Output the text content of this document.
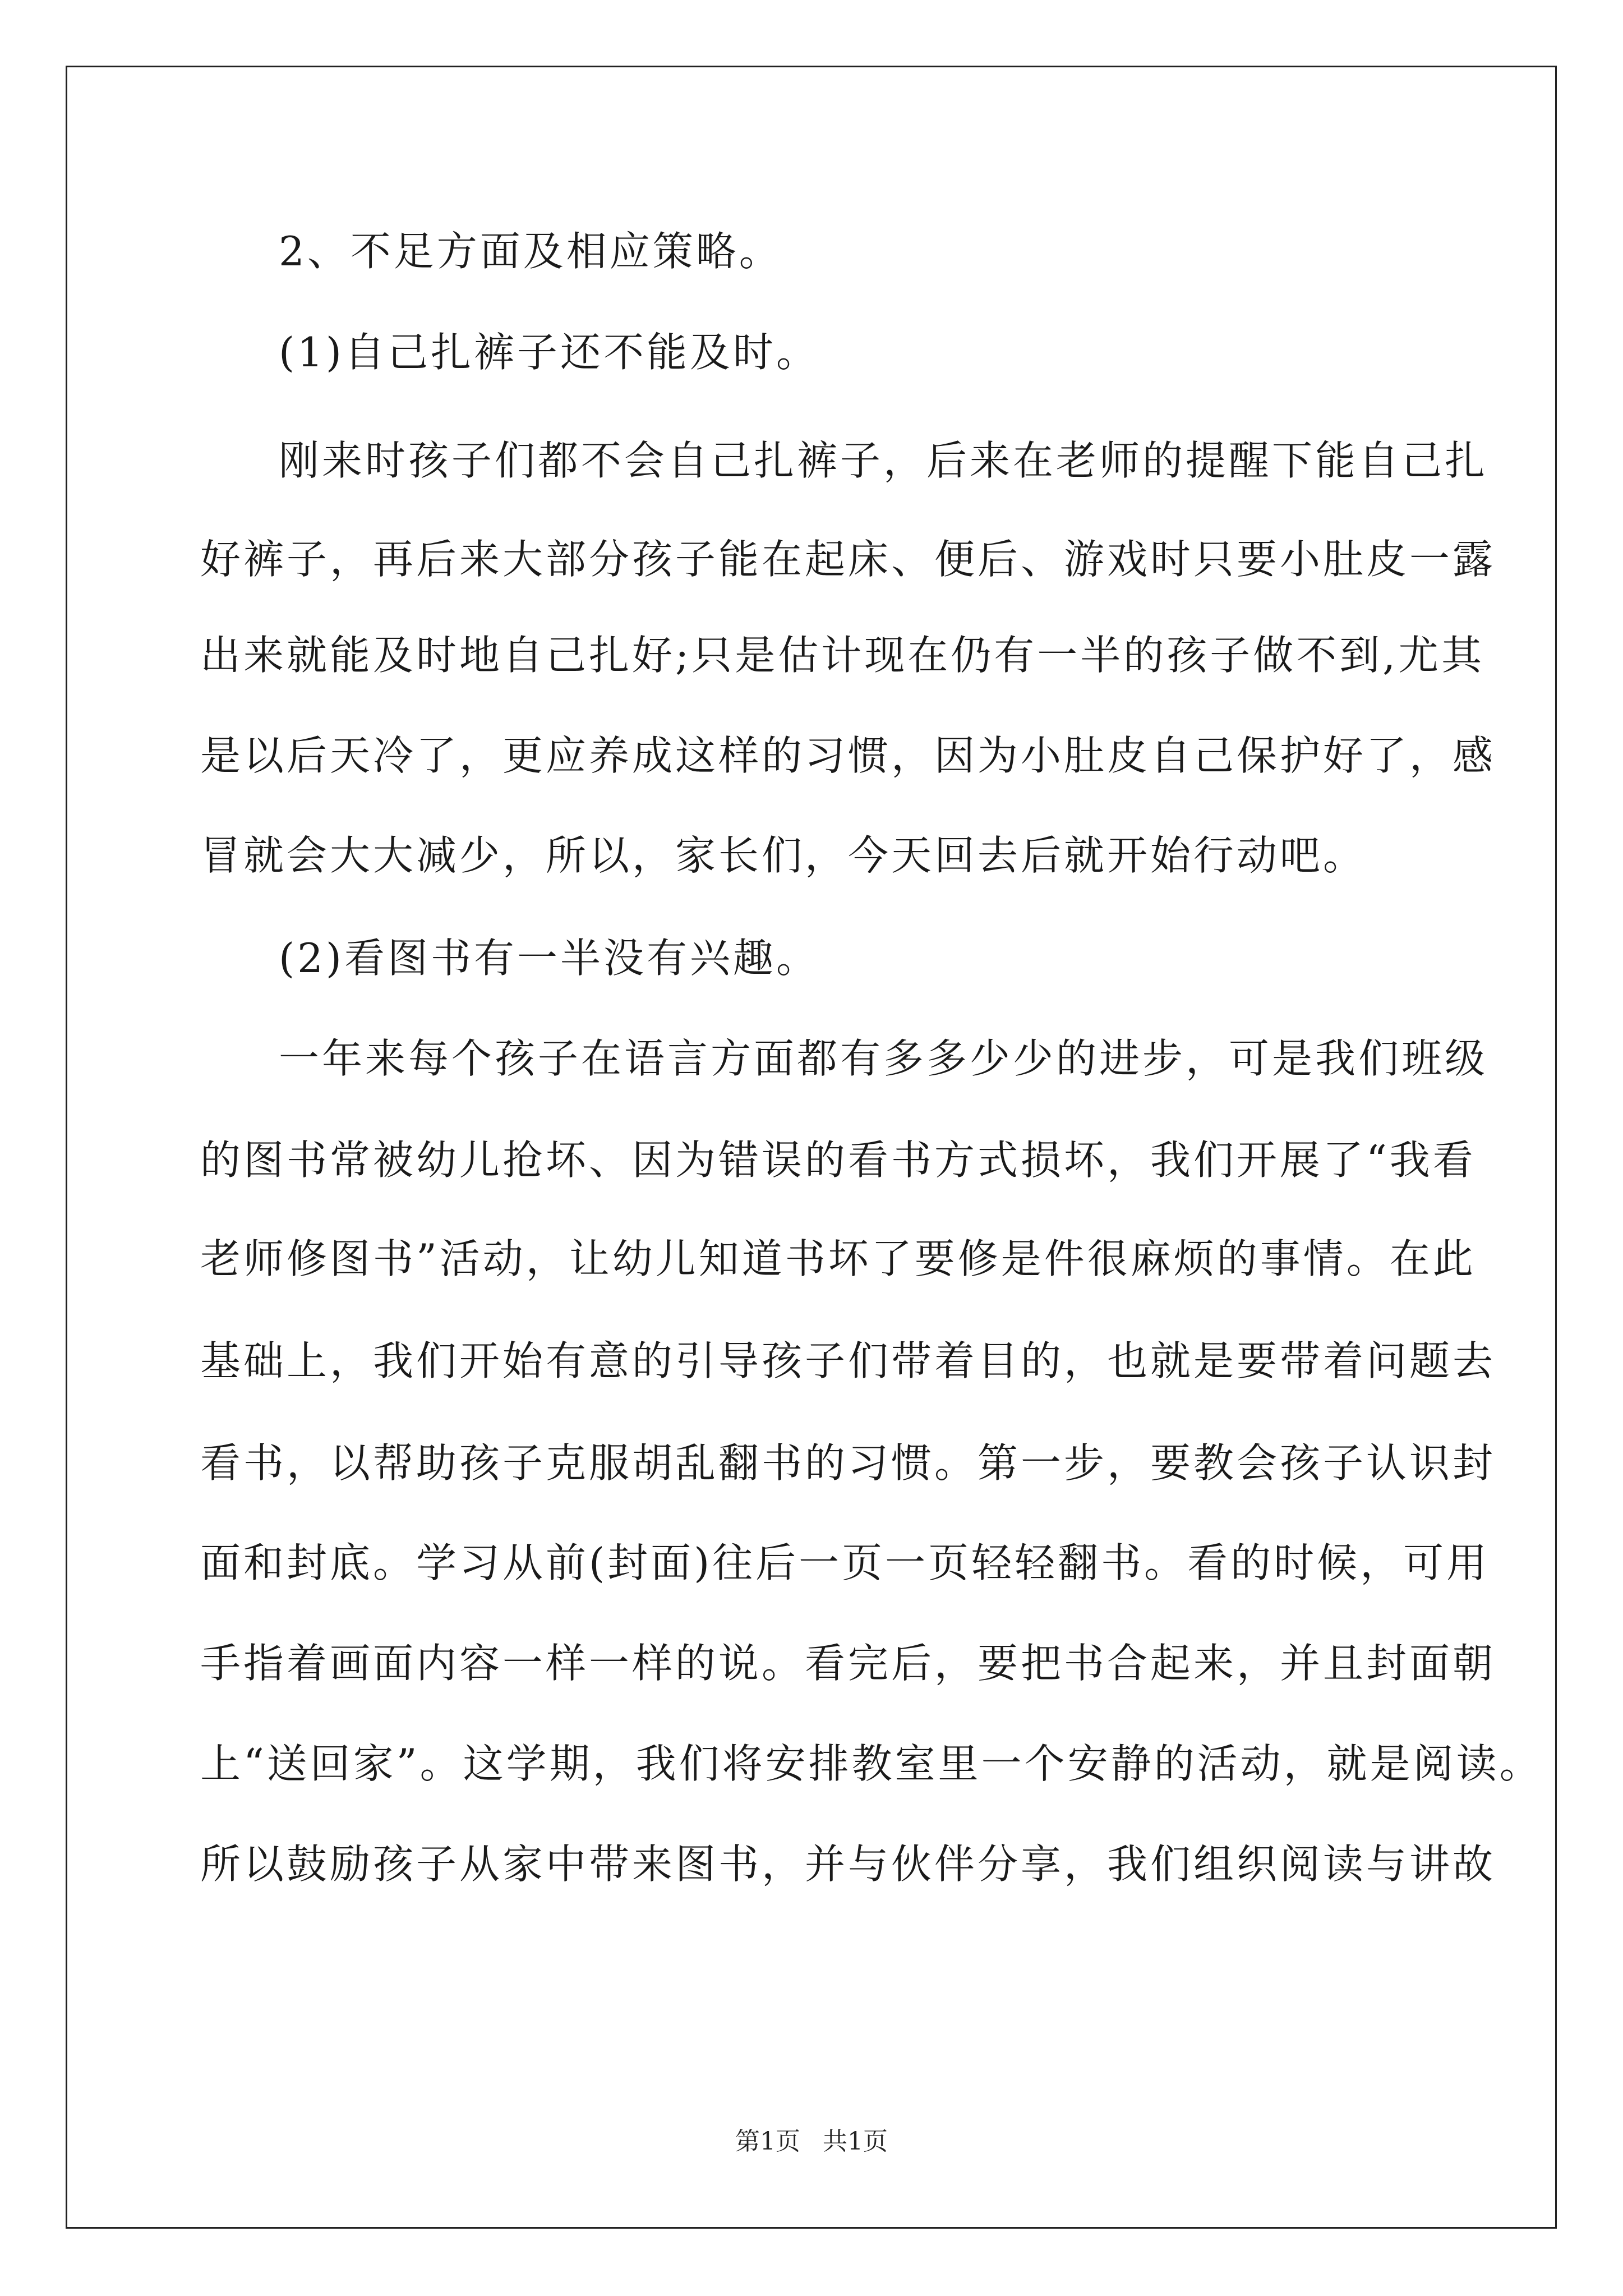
2、不足方面及相应策略。
(1)自己扎裤子还不能及时。
刚来时孩子们都不会自己扎裤子，后来在老师的提醒下能自己扎
好裤子，再后来大部分孩子能在起床、便后、游戏时只要小肚皮一露
出来就能及时地自己扎好;只是估计现在仍有一半的孩子做不到,尤其
是以后天冷了，更应养成这样的习惯，因为小肚皮自己保护好了，感
冒就会大大减少，所以，家长们，今天回去后就开始行动吧。
(2)看图书有一半没有兴趣。
一年来每个孩子在语言方面都有多多少少的进步，可是我们班级
的图书常被幼儿抢坏、因为错误的看书方式损坏，我们开展了“我看
老师修图书”活动，让幼儿知道书坏了要修是件很麻烦的事情。在此
基础上，我们开始有意的引导孩子们带着目的，也就是要带着问题去
看书，以帮助孩子克服胡乱翻书的习惯。第一步，要教会孩子认识封
面和封底。学习从前(封面)往后一页一页轻轻翻书。看的时候，可用
手指着画面内容一样一样的说。看完后，要把书合起来，并且封面朝
上“送回家”。这学期，我们将安排教室里一个安静的活动，就是阅读。
所以鼓励孩子从家中带来图书，并与伙伴分享，我们组织阅读与讲故
第1页 共1页
